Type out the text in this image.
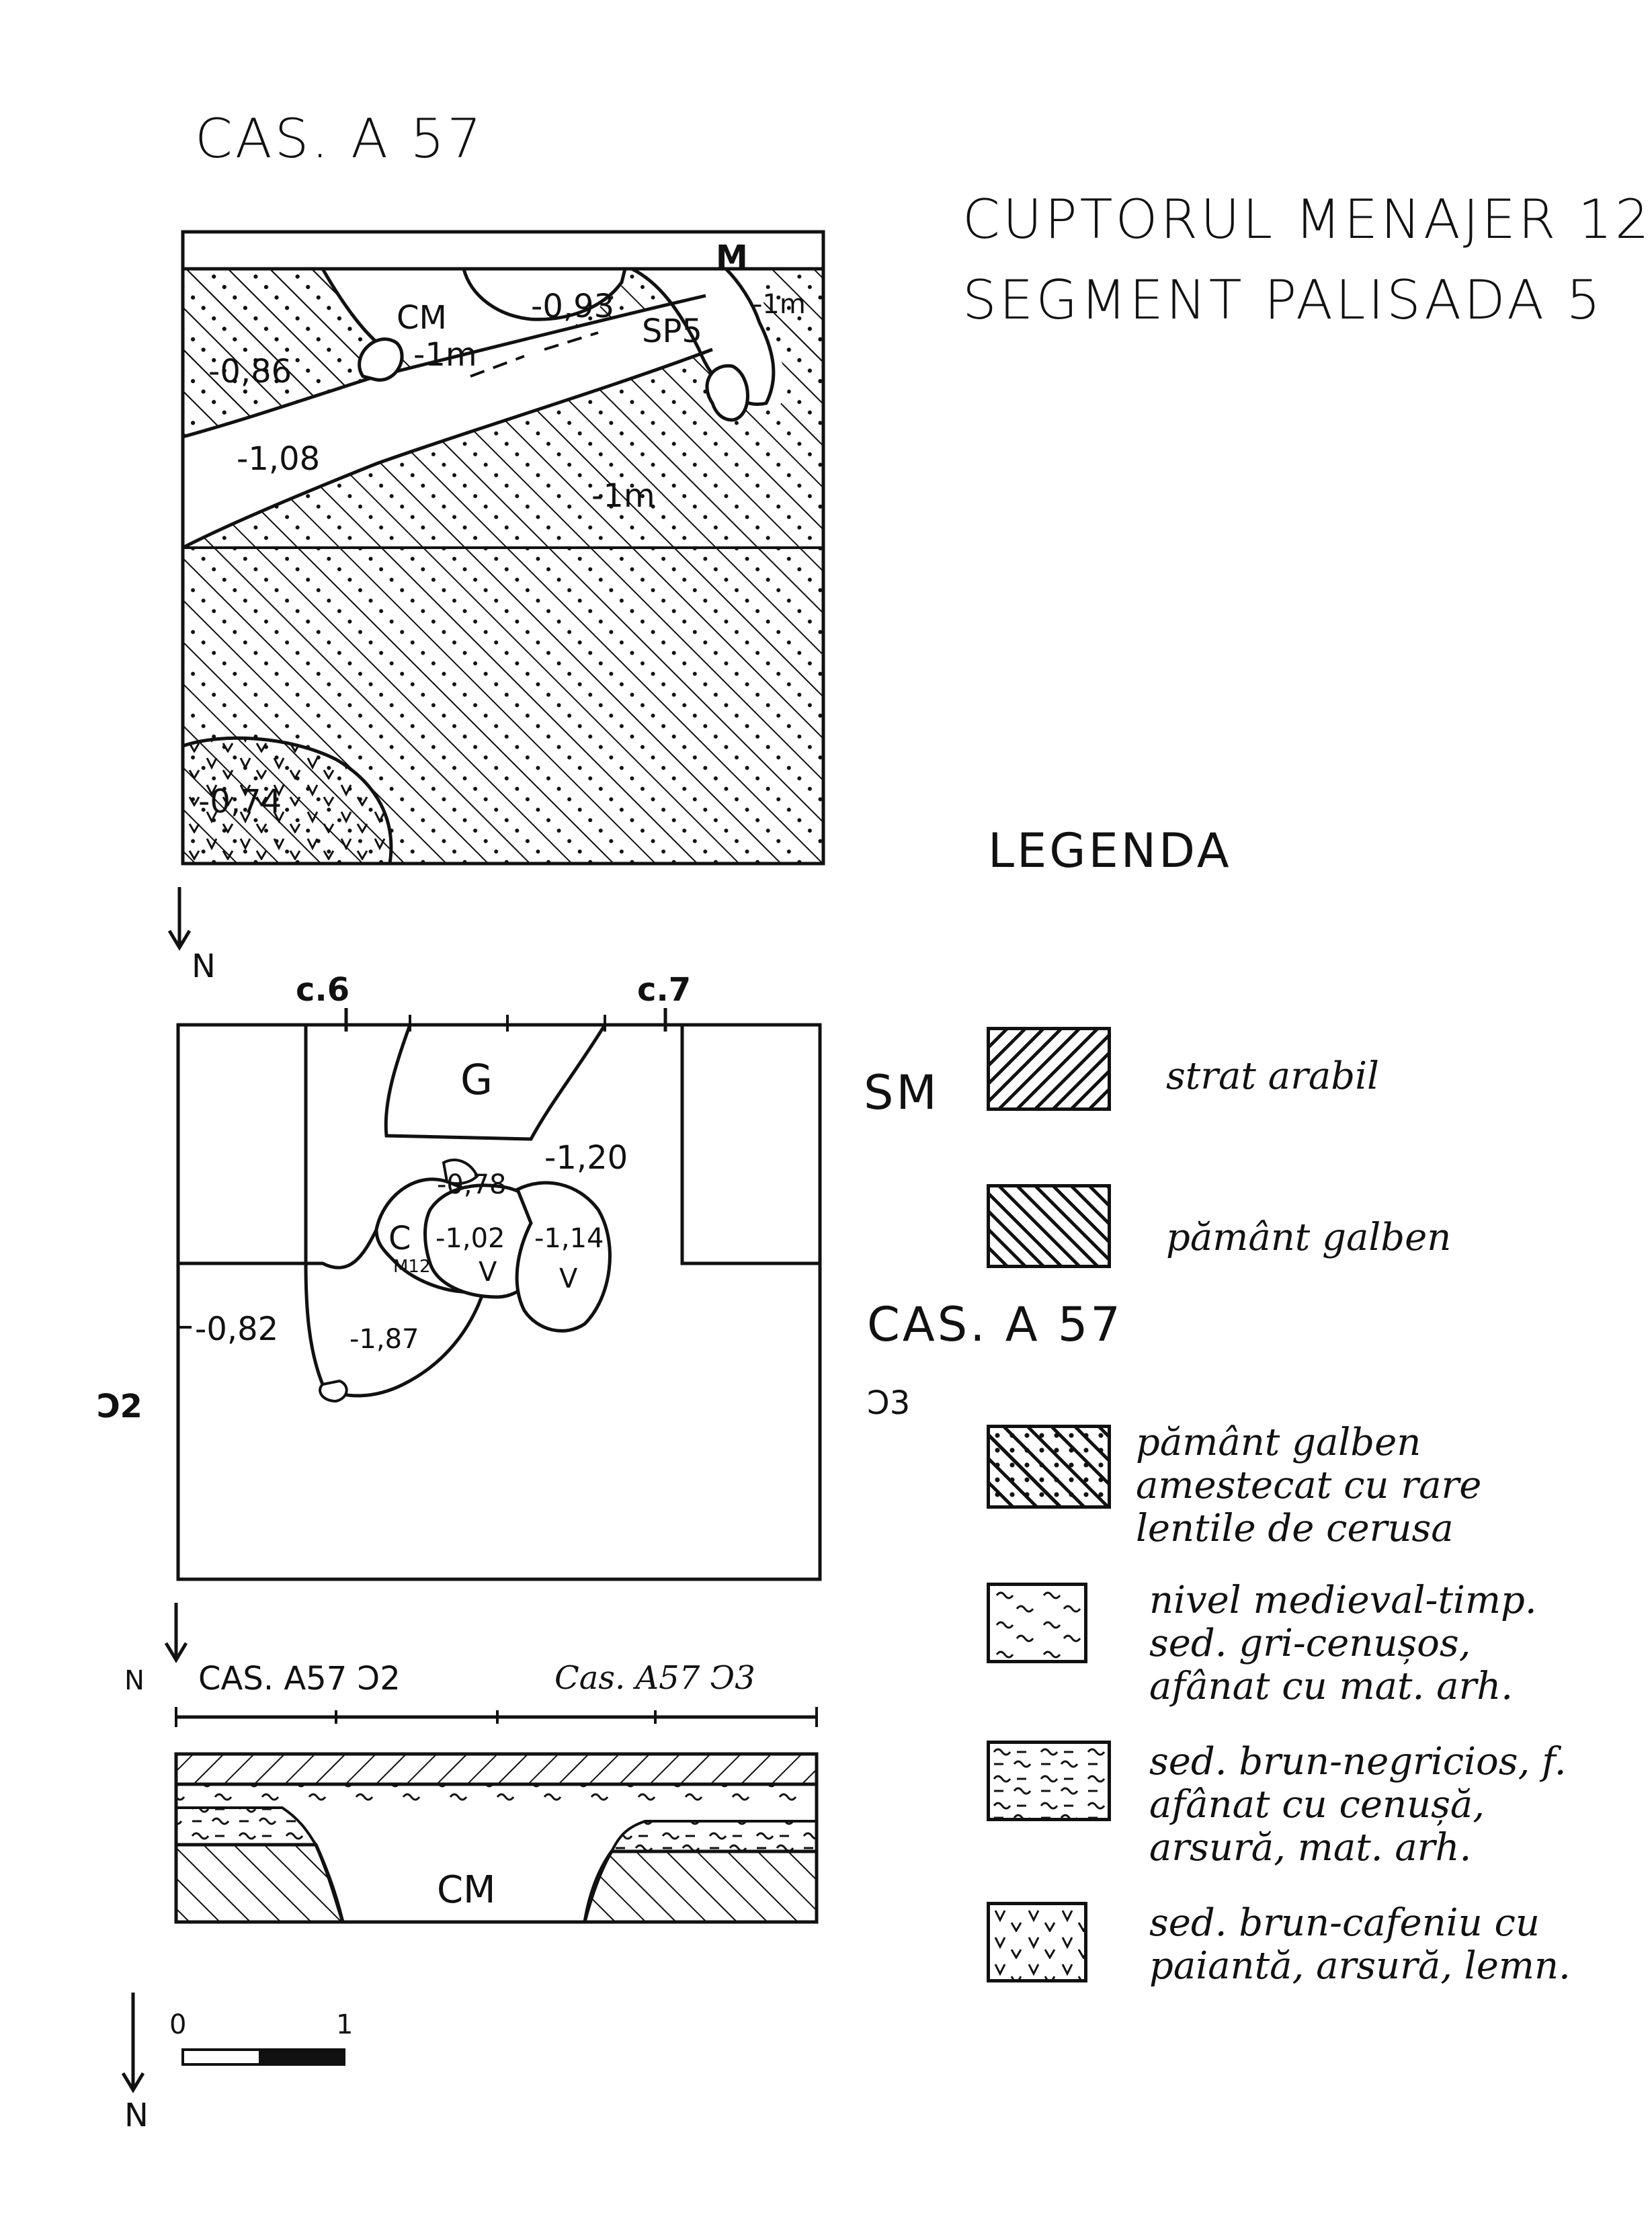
CAS. A 57
CUPTORUL MENAJER 12
SEGMENT PALISADA 5
CM
-1m
-0,93
SP5
M
-1m
-0,86
-1,08
-1m
-0,74
N
c.6	c.7
G
-1,20
-0,78
C
M12
-1,02 -1,14
V V
-0,82	-1,87
Ͻ2	Ͻ3
SM
CAS. A 57
N CAS. A57 Ͻ2	Cas. A57 Ͻ3
CM
0	1
N
LEGENDA
strat arabil
pământ galben
pământ galben amestecat cu rare lentile de cerusa
nivel medieval-timp. sed. gri-cenușos, afânat cu mat. arh.
sed. brun-negricios, f. afânat cu cenușă, arsură, mat. arh.
sed. brun-cafeniu cu paiantă, arsură, lemn.
